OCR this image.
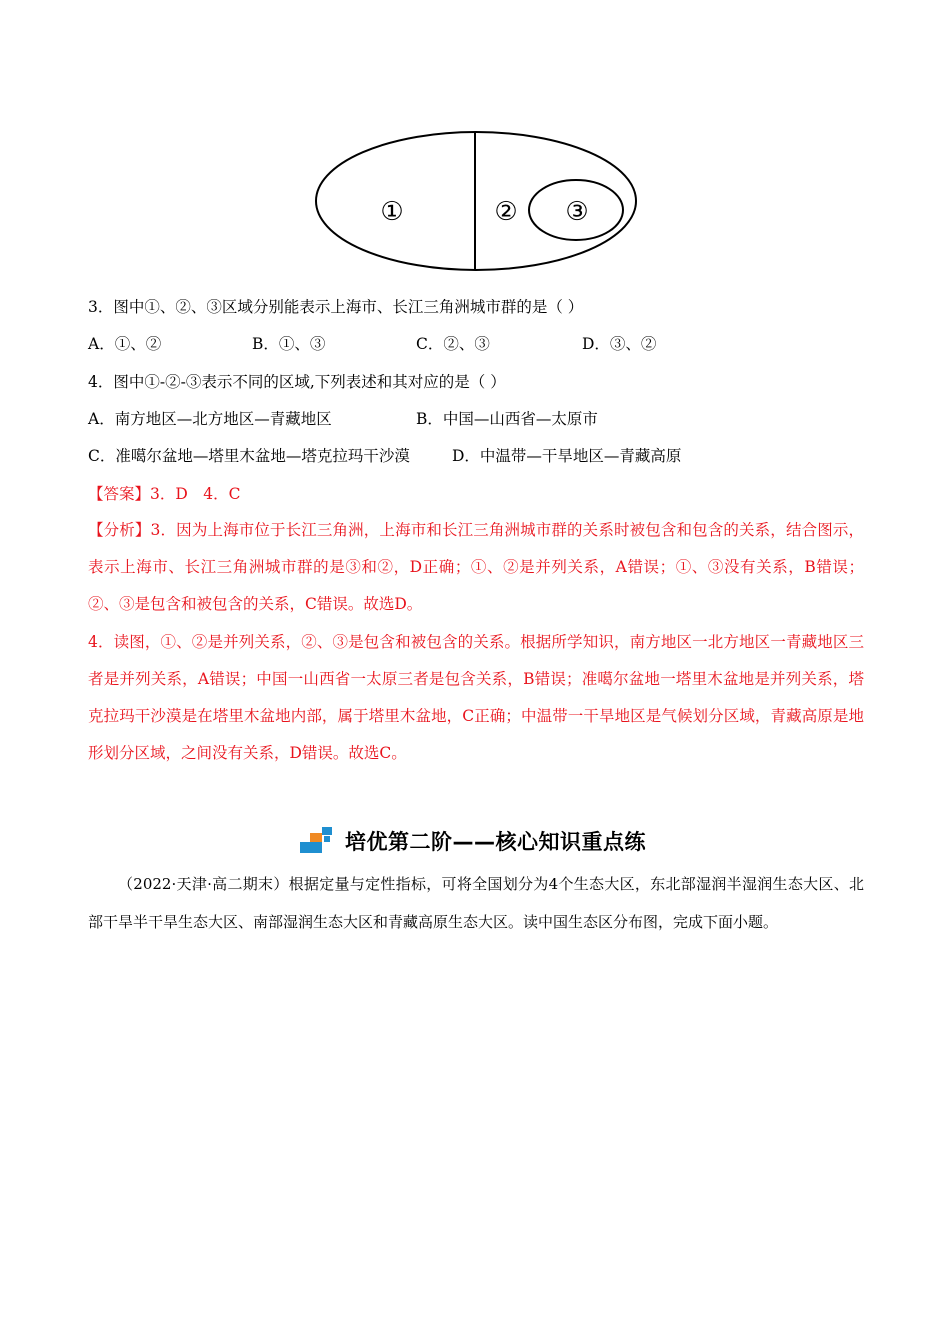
①	② ③
3．图中①、②、③区域分别能表示上海市、长江三角洲城市群的是（ ）
A．①、②	B．①、③	C．②、③	D．③、②
4．图中①-②-③表示不同的区域,下列表述和其对应的是（ ）
A．南方地区—北方地区—青藏地区	B．中国—山西省—太原市
C．准噶尔盆地—塔里木盆地—塔克拉玛干沙漠	D．中温带—干旱地区—青藏高原
【答案】3．D　4．C
【分析】3．因为上海市位于长江三角洲，上海市和长江三角洲城市群的关系时被包含和包含的关系，结合图示，表示上海市、长江三角洲城市群的是③和②，D正确；①、②是并列关系，A错误；①、③没有关系，B错误；②、③是包含和被包含的关系，C错误。故选D。
4．读图，①、②是并列关系，②、③是包含和被包含的关系。根据所学知识，南方地区一北方地区一青藏地区三者是并列关系，A错误；中国一山西省一太原三者是包含关系，B错误；准噶尔盆地一塔里木盆地是并列关系，塔克拉玛干沙漠是在塔里木盆地内部，属于塔里木盆地，C正确；中温带一干旱地区是气候划分区域，青藏高原是地形划分区域，之间没有关系，D错误。故选C。
培优第二阶——核心知识重点练
（2022·天津·高二期末）根据定量与定性指标，可将全国划分为4个生态大区，东北部湿润半湿润生态大区、北部干旱半干旱生态大区、南部湿润生态大区和青藏高原生态大区。读中国生态区分布图，完成下面小题。
